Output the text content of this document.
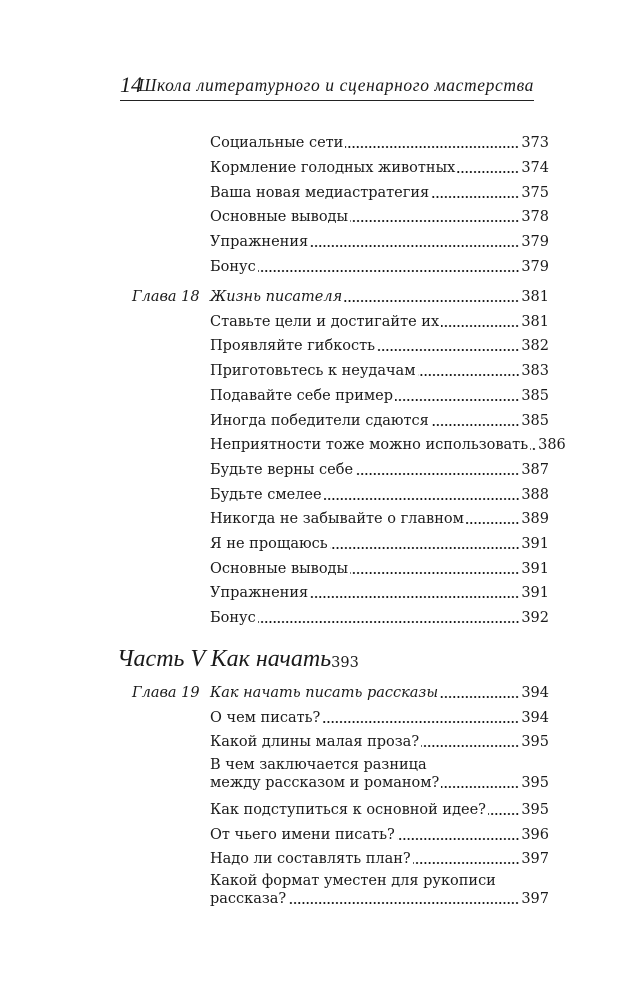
14
Школа литературного и сценарного мастерства
Социальные сети	373
Кормление голодных животных	374
Ваша новая медиастратегия	375
Основные выводы	378
Упражнения	379
Бонус	379
Глава 18 Жизнь писателя	381
Ставьте цели и достигайте их	381
Проявляйте гибкость	382
Приготовьтесь к неудачам	383
Подавайте себе пример	385
Иногда победители сдаются	385
Неприятности тоже можно использовать 386
Будьте верны себе	387
Будьте смелее	388
Никогда не забывайте о главном	389
Я не прощаюсь	391
Основные выводы	391
Упражнения	391
Бонус	392
Часть V Как начать 393
Глава 19 Как начать писать рассказы	394
О чем писать?	394
Какой длины малая проза?	395
В чем заключается разница
между рассказом и романом?	395
Как подступиться к основной идее? 395
От чьего имени писать?	396
Надо ли составлять план?	397
Какой формат уместен для рукописи
рассказа?	397
